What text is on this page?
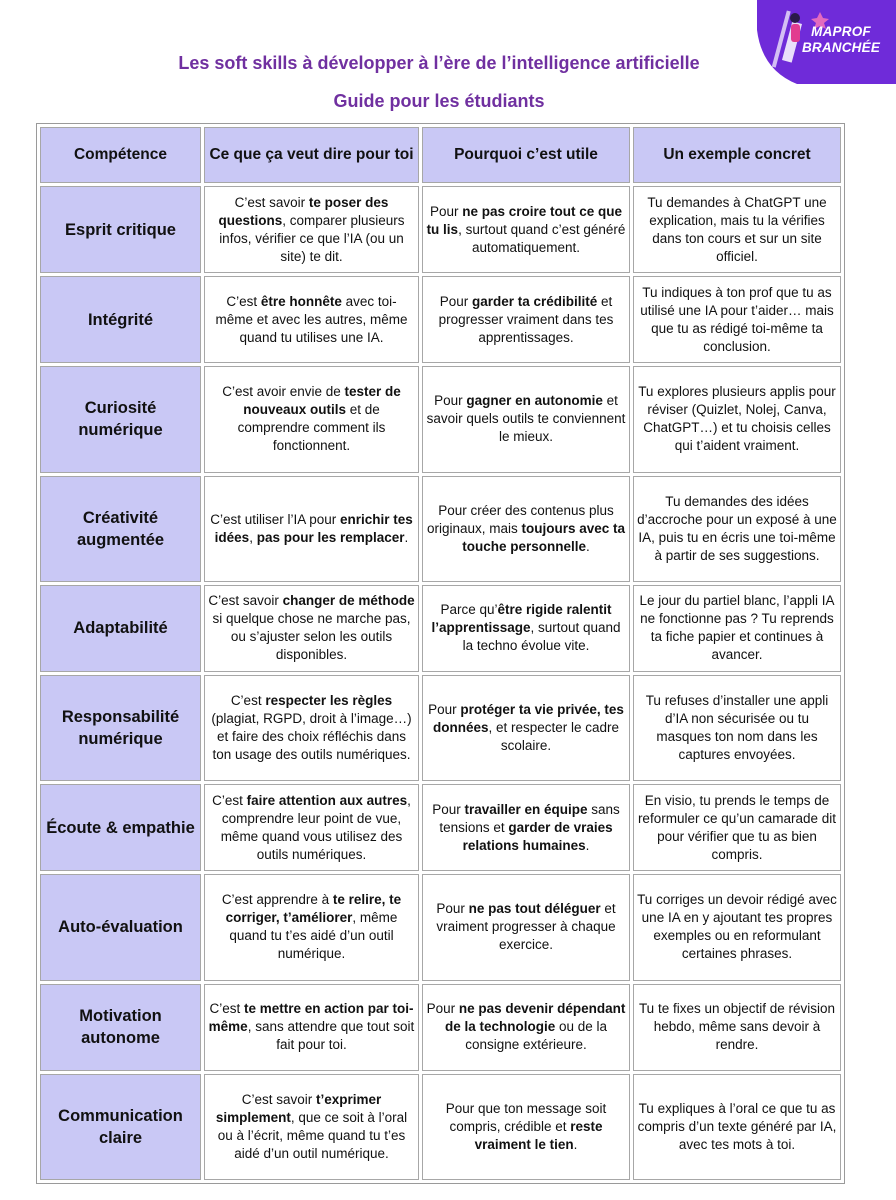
MAPROF
BRANCHÉE
Les soft skills à développer à l’ère de l’intelligence artificielle
Guide pour les étudiants
Compétence	Ce que ça veut dire pour toi	Pourquoi c’est utile	Un exemple concret
Esprit critique	C’est savoir te poser des questions, comparer plusieurs infos, vérifier ce que l’IA (ou un site) te dit.	Pour ne pas croire tout ce que tu lis, surtout quand c’est généré automatiquement.	Tu demandes à ChatGPT une explication, mais tu la vérifies dans ton cours et sur un site officiel.
Intégrité	C’est être honnête avec toi-même et avec les autres, même quand tu utilises une IA.	Pour garder ta crédibilité et progresser vraiment dans tes apprentissages.	Tu indiques à ton prof que tu as utilisé une IA pour t’aider… mais que tu as rédigé toi-même ta conclusion.
Curiosité numérique	C’est avoir envie de tester de nouveaux outils et de comprendre comment ils fonctionnent.	Pour gagner en autonomie et savoir quels outils te conviennent le mieux.	Tu explores plusieurs applis pour réviser (Quizlet, Nolej, Canva, ChatGPT…) et tu choisis celles qui t’aident vraiment.
Créativité augmentée	C’est utiliser l’IA pour enrichir tes idées, pas pour les remplacer.	Pour créer des contenus plus originaux, mais toujours avec ta touche personnelle.	Tu demandes des idées d’accroche pour un exposé à une IA, puis tu en écris une toi-même à partir de ses suggestions.
Adaptabilité	C’est savoir changer de méthode si quelque chose ne marche pas, ou s’ajuster selon les outils disponibles.	Parce qu’être rigide ralentit l’apprentissage, surtout quand la techno évolue vite.	Le jour du partiel blanc, l’appli IA ne fonctionne pas ? Tu reprends ta fiche papier et continues à avancer.
Responsabilité numérique	C’est respecter les règles (plagiat, RGPD, droit à l’image…) et faire des choix réfléchis dans ton usage des outils numériques.	Pour protéger ta vie privée, tes données, et respecter le cadre scolaire.	Tu refuses d’installer une appli d’IA non sécurisée ou tu masques ton nom dans les captures envoyées.
Écoute & empathie	C’est faire attention aux autres, comprendre leur point de vue, même quand vous utilisez des outils numériques.	Pour travailler en équipe sans tensions et garder de vraies relations humaines.	En visio, tu prends le temps de reformuler ce qu’un camarade dit pour vérifier que tu as bien compris.
Auto-évaluation	C’est apprendre à te relire, te corriger, t’améliorer, même quand tu t’es aidé d’un outil numérique.	Pour ne pas tout déléguer et vraiment progresser à chaque exercice.	Tu corriges un devoir rédigé avec une IA en y ajoutant tes propres exemples ou en reformulant certaines phrases.
Motivation autonome	C’est te mettre en action par toi-même, sans attendre que tout soit fait pour toi.	Pour ne pas devenir dépendant de la technologie ou de la consigne extérieure.	Tu te fixes un objectif de révision hebdo, même sans devoir à rendre.
Communication claire	C’est savoir t’exprimer simplement, que ce soit à l’oral ou à l’écrit, même quand tu t’es aidé d’un outil numérique.	Pour que ton message soit compris, crédible et reste vraiment le tien.	Tu expliques à l’oral ce que tu as compris d’un texte généré par IA, avec tes mots à toi.
